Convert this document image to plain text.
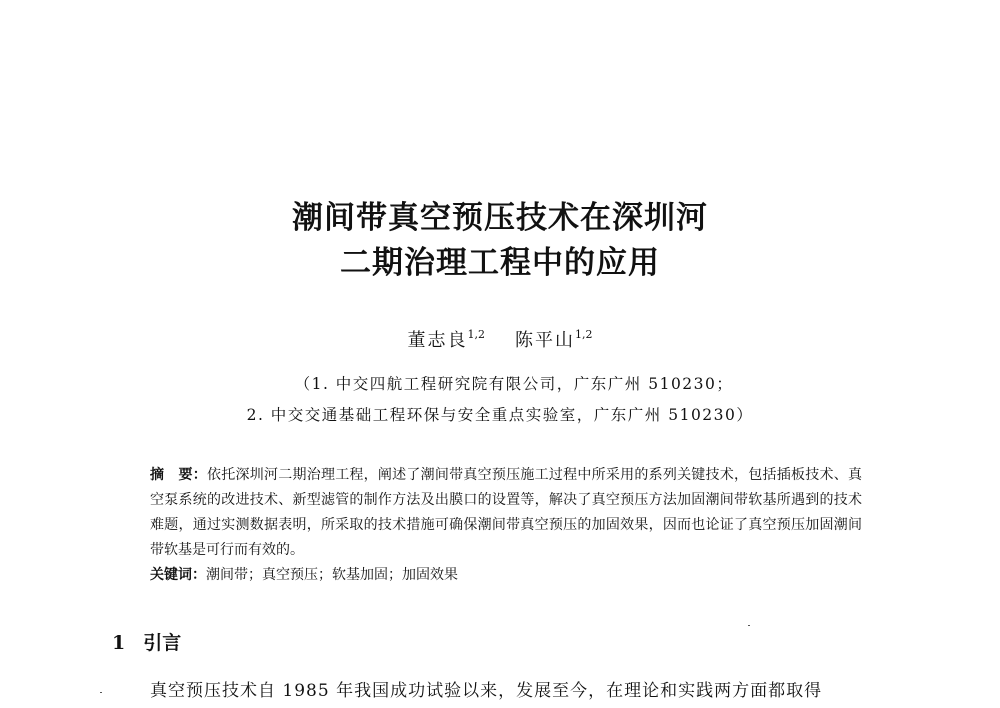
潮间带真空预压技术在深圳河
二期治理工程中的应用
董志良$^{1,2}$ 陈平山$^{1,2}$
（1. 中交四航工程研究院有限公司，广东广州 510230；
2. 中交交通基础工程环保与安全重点实验室，广东广州 510230）
摘　要：依托深圳河二期治理工程，阐述了潮间带真空预压施工过程中所采用的系列关键技术，包括插板技术、真空泵系统的改进技术、新型滤管的制作方法及出膜口的设置等，解决了真空预压方法加固潮间带软基所遇到的技术难题，通过实测数据表明，所采取的技术措施可确保潮间带真空预压的加固效果，因而也论证了真空预压加固潮间带软基是可行而有效的。
关键词：潮间带；真空预压；软基加固；加固效果
1 引言
真空预压技术自 1985 年我国成功试验以来，发展至今，在理论和实践两方面都取得
